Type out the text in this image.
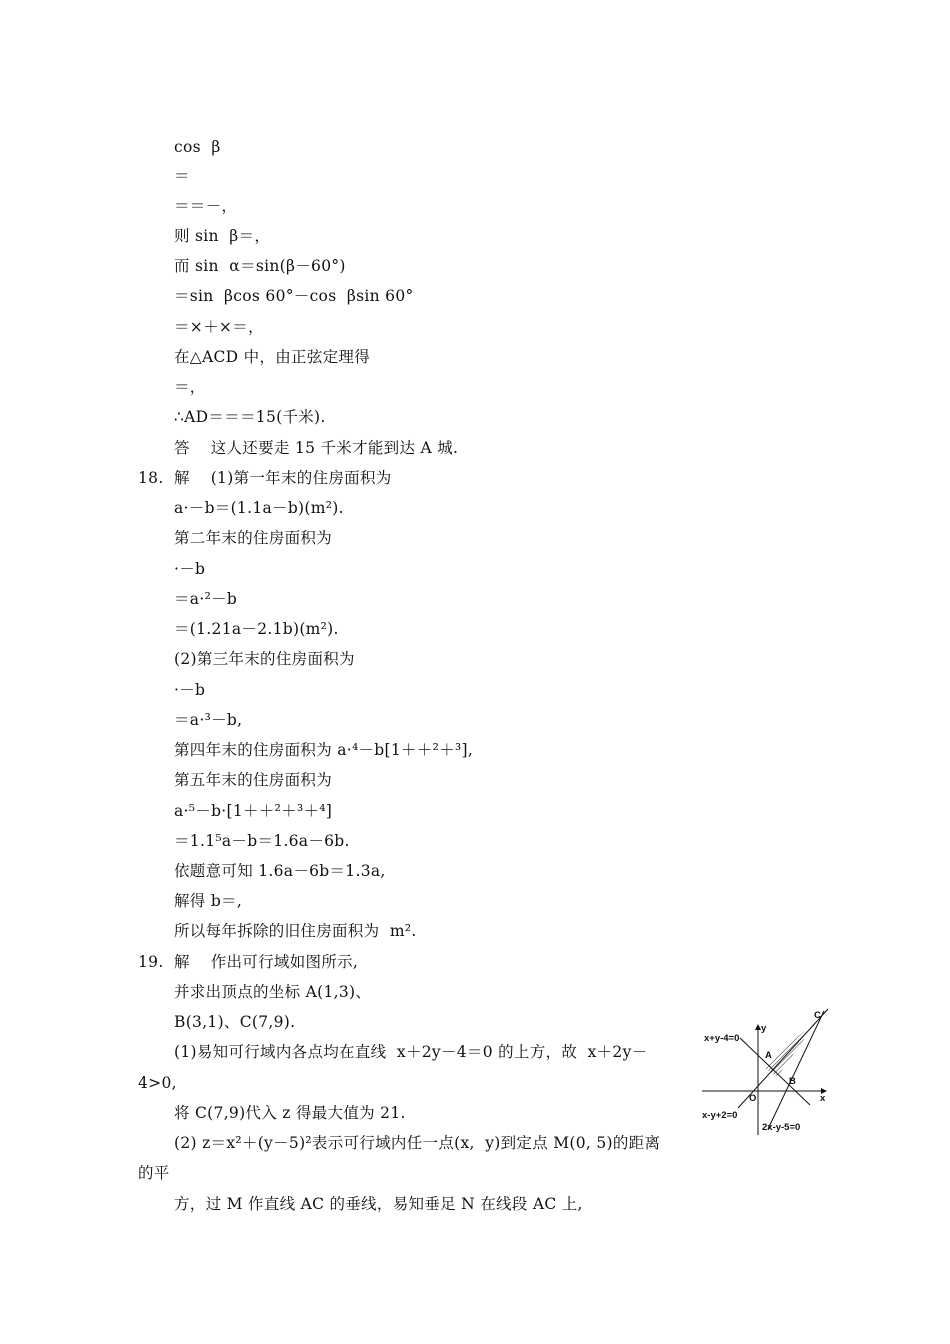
cos  β
＝
＝＝－，
则 sin  β＝，
而 sin  α＝sin(β－60°)
＝sin  βcos 60°－cos  βsin 60°
＝×＋×＝，
在△ACD 中，由正弦定理得
＝，
∴AD＝＝＝15(千米).
答    这人还要走 15 千米才能到达 A 城.
18.  解    (1)第一年末的住房面积为
a·－b＝(1.1a－b)(m²).
第二年末的住房面积为
·－b
＝a·²－b
＝(1.21a－2.1b)(m²).
(2)第三年末的住房面积为
·－b
＝a·³－b,
第四年末的住房面积为 a·⁴－b[1＋＋²＋³],
第五年末的住房面积为
a·⁵－b·[1＋＋²＋³＋⁴]
＝1.1⁵a－b＝1.6a－6b.
依题意可知 1.6a－6b＝1.3a,
解得 b＝,
所以每年拆除的旧住房面积为  m².
19.  解    作出可行域如图所示,
并求出顶点的坐标 A(1,3)、
B(3,1)、C(7,9).
(1)易知可行域内各点均在直线  x＋2y－4＝0 的上方，故  x＋2y－
4>0,
将 C(7,9)代入 z 得最大值为 21.
(2) z＝x²＋(y－5)²表示可行域内任一点(x,  y)到定点 M(0, 5)的距离
的平
方，过 M 作直线 AC 的垂线，易知垂足 N 在线段 AC 上,
x+y-4=0
x-y+2=0
2x-y-5=0
y
x
O
A
B
C
